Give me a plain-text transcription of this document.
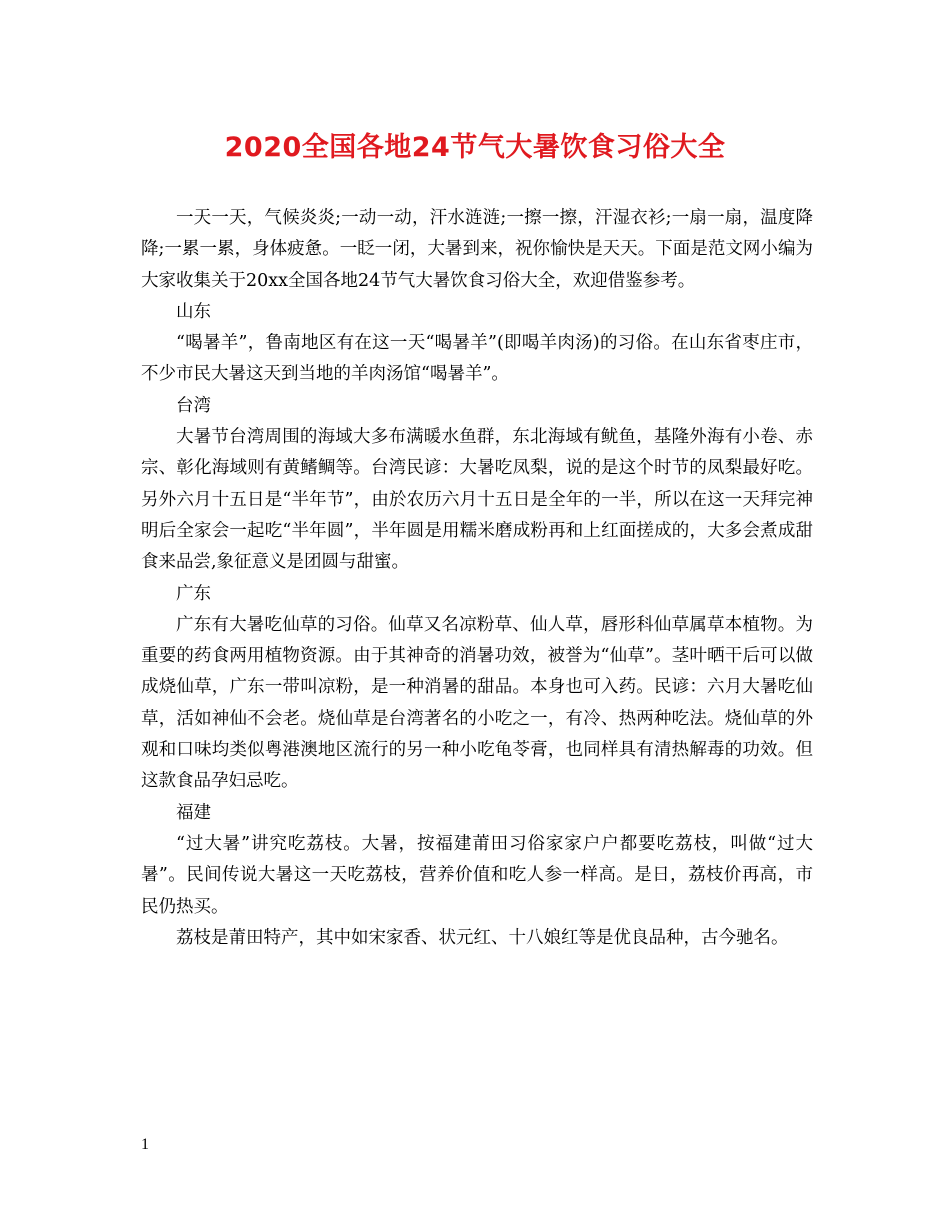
2020全国各地24节气大暑饮食习俗大全

一天一天，气候炎炎;一动一动，汗水涟涟;一擦一擦，汗湿衣衫;一扇一扇，温度降降;一累一累，身体疲惫。一眨一闭，大暑到来，祝你愉快是天天。下面是范文网小编为大家收集关于20xx全国各地24节气大暑饮食习俗大全，欢迎借鉴参考。

山东

“喝暑羊”，鲁南地区有在这一天“喝暑羊”(即喝羊肉汤)的习俗。在山东省枣庄市，不少市民大暑这天到当地的羊肉汤馆“喝暑羊”。

台湾

大暑节台湾周围的海域大多布满暖水鱼群，东北海域有鱿鱼，基隆外海有小卷、赤宗、彰化海域则有黄鳍鲷等。台湾民谚：大暑吃凤梨，说的是这个时节的凤梨最好吃。另外六月十五日是“半年节”，由於农历六月十五日是全年的一半，所以在这一天拜完神明后全家会一起吃“半年圆”，半年圆是用糯米磨成粉再和上红面搓成的，大多会煮成甜食来品尝,象征意义是团圆与甜蜜。

广东

广东有大暑吃仙草的习俗。仙草又名凉粉草、仙人草，唇形科仙草属草本植物。为重要的药食两用植物资源。由于其神奇的消暑功效，被誉为“仙草”。茎叶晒干后可以做成烧仙草，广东一带叫凉粉，是一种消暑的甜品。本身也可入药。民谚：六月大暑吃仙草，活如神仙不会老。烧仙草是台湾著名的小吃之一，有冷、热两种吃法。烧仙草的外观和口味均类似粤港澳地区流行的另一种小吃龟苓膏，也同样具有清热解毒的功效。但这款食品孕妇忌吃。

福建

“过大暑”讲究吃荔枝。大暑，按福建莆田习俗家家户户都要吃荔枝，叫做“过大暑”。民间传说大暑这一天吃荔枝，营养价值和吃人参一样高。是日，荔枝价再高，市民仍热买。

荔枝是莆田特产，其中如宋家香、状元红、十八娘红等是优良品种，古今驰名。

1
